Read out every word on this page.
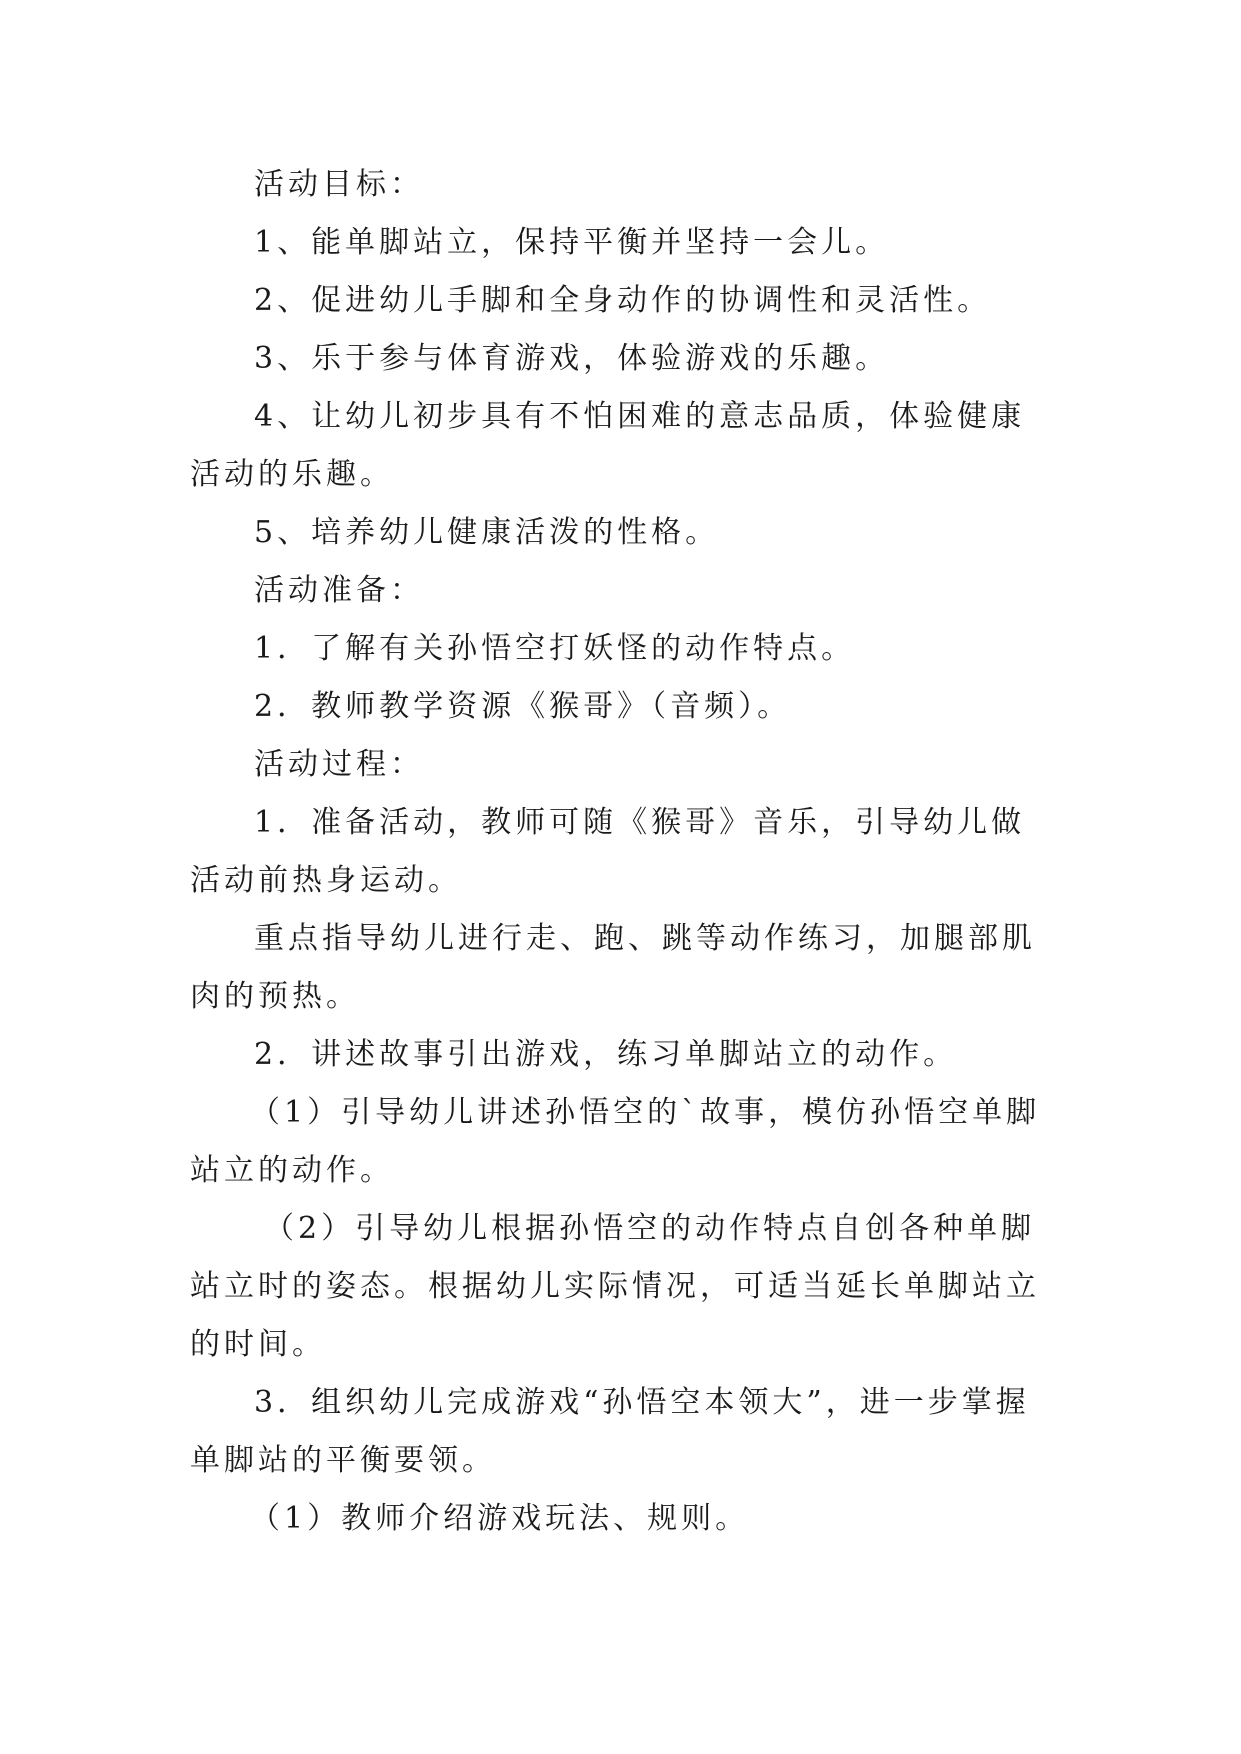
活动目标：

1、能单脚站立，保持平衡并坚持一会儿。

2、促进幼儿手脚和全身动作的协调性和灵活性。

3、乐于参与体育游戏，体验游戏的乐趣。

4、让幼儿初步具有不怕困难的意志品质，体验健康活动的乐趣。

5、培养幼儿健康活泼的性格。

活动准备：

1．了解有关孙悟空打妖怪的动作特点。

2．教师教学资源《猴哥》（音频）。

活动过程：

1．准备活动，教师可随《猴哥》音乐，引导幼儿做活动前热身运动。

重点指导幼儿进行走、跑、跳等动作练习，加腿部肌肉的预热。

2．讲述故事引出游戏，练习单脚站立的动作。

（1）引导幼儿讲述孙悟空的`故事，模仿孙悟空单脚站立的动作。

（2）引导幼儿根据孙悟空的动作特点自创各种单脚站立时的姿态。根据幼儿实际情况，可适当延长单脚站立的时间。

3．组织幼儿完成游戏“孙悟空本领大”，进一步掌握单脚站的平衡要领。

（1）教师介绍游戏玩法、规则。
